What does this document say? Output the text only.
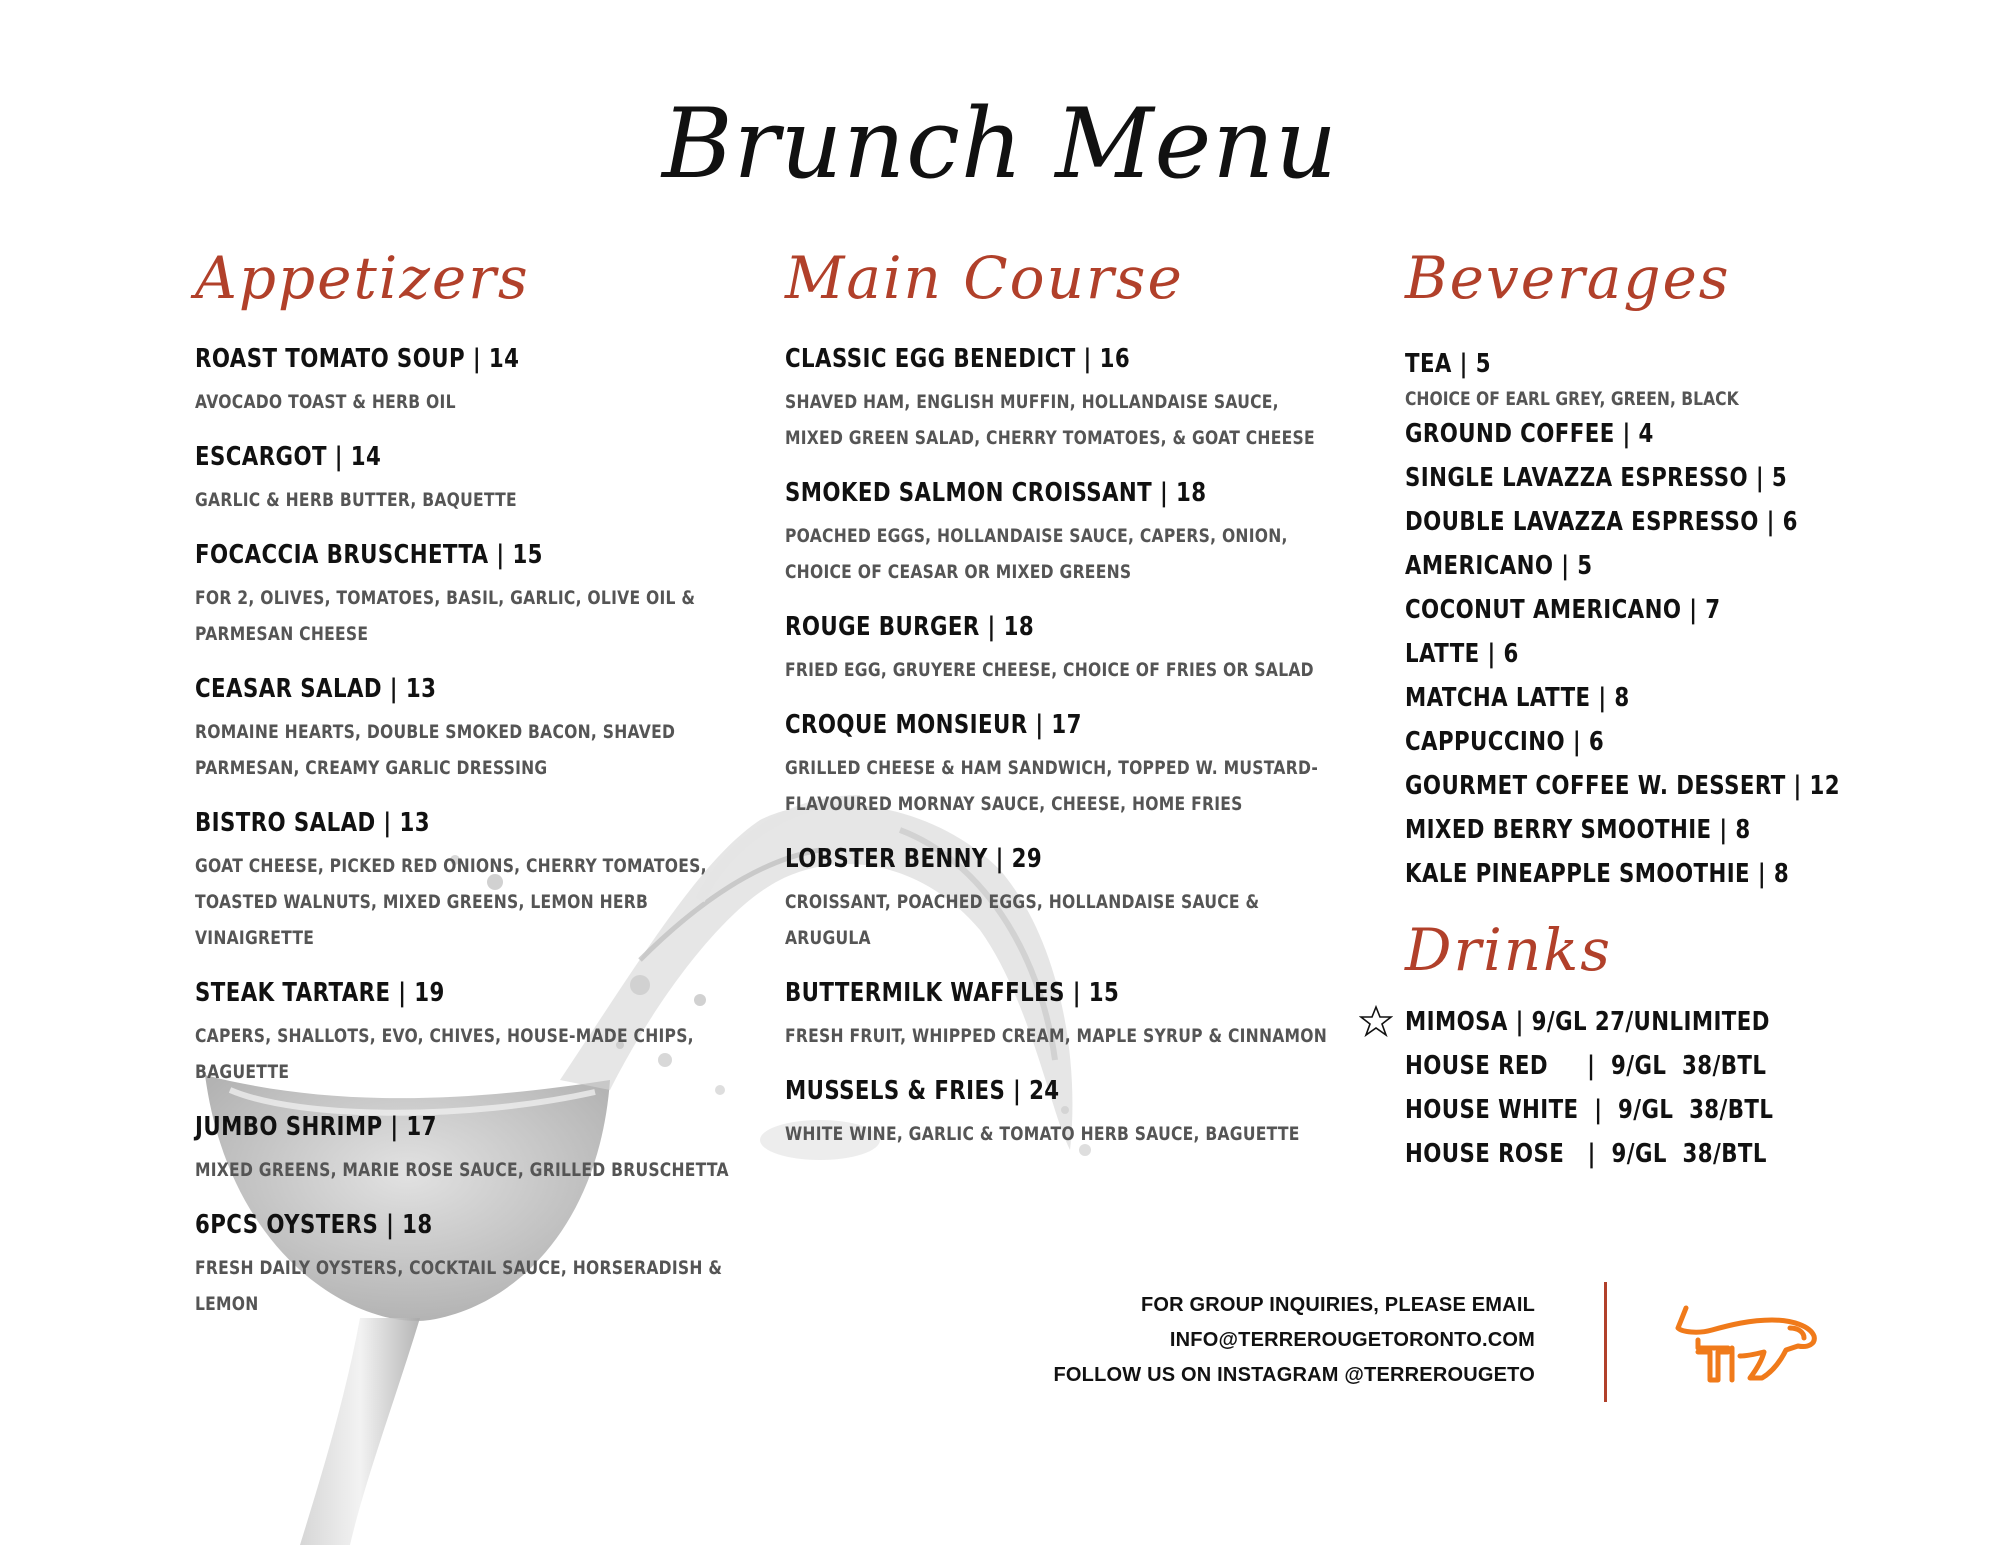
Brunch Menu
Appetizers
ROAST TOMATO SOUP | 14
AVOCADO TOAST & HERB OIL
ESCARGOT | 14
GARLIC & HERB BUTTER, BAQUETTE
FOCACCIA BRUSCHETTA | 15
FOR 2, OLIVES, TOMATOES, BASIL, GARLIC, OLIVE OIL & PARMESAN CHEESE
CEASAR SALAD | 13
ROMAINE HEARTS, DOUBLE SMOKED BACON, SHAVED PARMESAN, CREAMY GARLIC DRESSING
BISTRO SALAD | 13
GOAT CHEESE, PICKED RED ONIONS, CHERRY TOMATOES, TOASTED WALNUTS, MIXED GREENS, LEMON HERB VINAIGRETTE
STEAK TARTARE | 19
CAPERS, SHALLOTS, EVO, CHIVES, HOUSE-MADE CHIPS, BAGUETTE
JUMBO SHRIMP | 17
MIXED GREENS, MARIE ROSE SAUCE, GRILLED BRUSCHETTA
6PCS OYSTERS | 18
FRESH DAILY OYSTERS, COCKTAIL SAUCE, HORSERADISH & LEMON
Main Course
CLASSIC EGG BENEDICT | 16
SHAVED HAM, ENGLISH MUFFIN, HOLLANDAISE SAUCE, MIXED GREEN SALAD, CHERRY TOMATOES, & GOAT CHEESE
SMOKED SALMON CROISSANT | 18
POACHED EGGS, HOLLANDAISE SAUCE, CAPERS, ONION, CHOICE OF CEASAR OR MIXED GREENS
ROUGE BURGER | 18
FRIED EGG, GRUYERE CHEESE, CHOICE OF FRIES OR SALAD
CROQUE MONSIEUR | 17
GRILLED CHEESE & HAM SANDWICH, TOPPED W. MUSTARD-FLAVOURED MORNAY SAUCE, CHEESE, HOME FRIES
LOBSTER BENNY | 29
CROISSANT, POACHED EGGS, HOLLANDAISE SAUCE & ARUGULA
BUTTERMILK WAFFLES | 15
FRESH FRUIT, WHIPPED CREAM, MAPLE SYRUP & CINNAMON
MUSSELS & FRIES | 24
WHITE WINE, GARLIC & TOMATO HERB SAUCE, BAGUETTE
Beverages
TEA | 5
CHOICE OF EARL GREY, GREEN, BLACK
GROUND COFFEE | 4
SINGLE LAVAZZA ESPRESSO | 5
DOUBLE LAVAZZA ESPRESSO | 6
AMERICANO | 5
COCONUT AMERICANO | 7
LATTE | 6
MATCHA LATTE | 8
CAPPUCCINO | 6
GOURMET COFFEE W. DESSERT | 12
MIXED BERRY SMOOTHIE | 8
KALE PINEAPPLE SMOOTHIE | 8
Drinks
MIMOSA | 9/GL 27/UNLIMITED
HOUSE RED     |  9/GL  38/BTL
HOUSE WHITE  |  9/GL  38/BTL
HOUSE ROSE   |  9/GL  38/BTL
FOR GROUP INQUIRIES, PLEASE EMAIL
INFO@TERREROUGETORONTO.COM
FOLLOW US ON INSTAGRAM @TERREROUGETO
